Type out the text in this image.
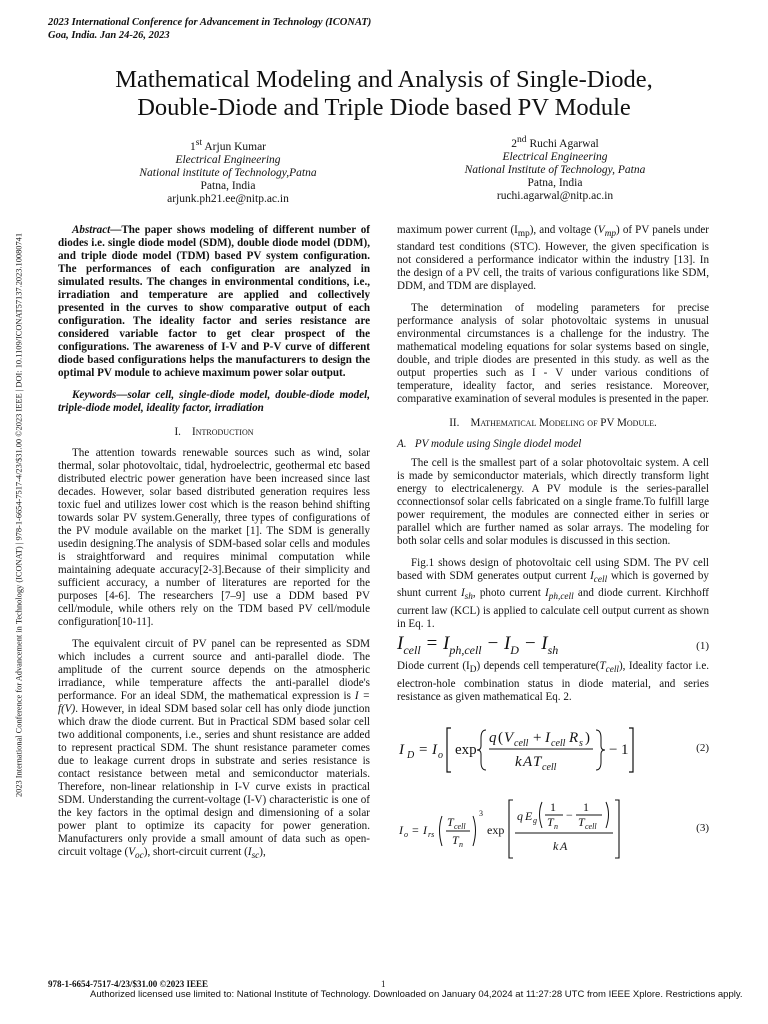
2023 International Conference for Advancement in Technology (ICONAT)
Goa, India. Jan 24-26, 2023
Mathematical Modeling and Analysis of Single-Diode,
Double-Diode and Triple Diode based PV Module
1st Arjun Kumar
Electrical Engineering
National institute of Technology,Patna
Patna, India
arjunk.ph21.ee@nitp.ac.in
2nd Ruchi Agarwal
Electrical Engineering
National Institute of Technology, Patna
Patna, India
ruchi.agarwal@nitp.ac.in
2023 International Conference for Advancement in Technology (ICONAT) | 978-1-6654-7517-4/23/$31.00 ©2023 IEEE | DOI: 10.1109/ICONAT57137.2023.10080741

Abstract—The paper shows modeling of different number of diodes i.e. single diode model (SDM), double diode model (DDM), and triple diode model (TDM) based PV system configuration. The performances of each configuration are analyzed in simulated results. The changes in environmental conditions, i.e., irradiation and temperature are applied and collectively presented in the curves to show comparative output of each configuration. The ideality factor and series resistance are considered variable factor to get clear prospect of the configurations. The awareness of I-V and P-V curve of different diode based configurations helps the manufacturers to design the optimal PV module to achieve maximum power solar output.

Keywords—solar cell, single-diode model, double-diode model, triple-diode model, ideality factor, irradiation

I. Introduction

The attention towards renewable sources such as wind, solar thermal, solar photovoltaic, tidal, hydroelectric, geothermal etc based distributed electric power generation have been increased since last decades. However, solar based distributed generation requires less toxic fuel and utilizes lower cost which is the reason behind shifting towards solar PV system.Generally, three types of configurations of the PV module available on the market [1]. The SDM is generally usedin designing.The analysis of SDM-based solar cells and modules is straightforward and requires minimal computation while maintaining adequate accuracy[2-3].Because of their simplicity and sufficient accuracy, a number of literatures are reported for the purposes [4-6]. The researchers [7–9] use a DDM based PV cell/module, while others rely on the TDM based PV cell/module configuration[10-11].

The equivalent circuit of PV panel can be represented as SDM which includes a current source and anti-parallel diode. The amplitude of the current source depends on the atmospheric irradiance, while temperature affects the anti-parallel diode's performance. For an ideal SDM, the mathematical expression is I = f(V). However, in ideal SDM based solar cell has only diode junction which draw the diode current. But in Practical SDM based solar cell two additional components, i.e., series and shunt resistance are added to represent practical SDM. The shunt resistance parameter comes due to leakage current drops in substrate and series resistance is contact resistance between metal and semiconductor materials. Therefore, non-linear relationship in I-V curve exists in practical SDM. Understanding the current-voltage (I-V) characteristic is one of the key factors in the optimal design and dimensioning of a solar power plant to optimize its capacity for power generation. Manufacturers only provide a small amount of data such as open-circuit voltage $(V_{oc})$, short-circuit current $(I_{sc})$,

maximum power current $(I_{mp})$, and voltage $(V_{mp})$ of PV panels under standard test conditions (STC). However, the given specification is not considered a performance indicator within the industry [13]. In the design of a PV cell, the traits of various configurations like SDM, DDM, and TDM are displayed.

The determination of modeling parameters for precise performance analysis of solar photovoltaic systems in unusual environmental circumstances is a challenge for the industry. The mathematical modeling equations for solar systems based on single, double, and triple diodes are presented in this study. as well as the output properties such as I - V under various conditions of temperature, ideality factor, and series resistance. Moreover, comparative examination of several modules is presented in the paper.

II. Mathematical Modeling of PV Module.
A. PV module using Single diodel model

The cell is the smallest part of a solar photovoltaic system. A cell is made by semiconductor materials, which directly transform light energy to electricalenergy. A PV module is the series-parallel cconnectionsof solar cells fabricated on a single frame.To fulfill large power requirement, the modules are connected either in series or parallel which are further named as solar arrays. The modeling for both solar cells and solar modules is discussed in this section.

Fig.1 shows design of photovoltaic cell using SDM. The PV cell based with SDM generates output current $I_{cell}$ which is governed by shunt current $I_{sh}$, photo current $I_{ph,cell}$ and diode current. Kirchhoff current law (KCL) is applied to calculate cell output current as shown in Eq. 1.

$I_{cell} = I_{ph,cell} - I_D - I_{sh}$	(1)

Diode current $(I_D)$ depends cell $temperature(T_{cell})$, Ideality factor i.e. electron-hole combination status in diode material, and series resistance as given mathematical Eq. 2.

I D = I o exp
q ( V cell + I cell R s )
k A T cell
− 1	(2)
I o = I rs
T cell
T n
3
exp
q E g
1
T n
−
1
T cell
k A
(3)
978-1-6654-7517-4/23/$31.00 ©2023 IEEE	1
Authorized licensed use limited to: National Institute of Technology. Downloaded on January 04,2024 at 11:27:28 UTC from IEEE Xplore. Restrictions apply.
